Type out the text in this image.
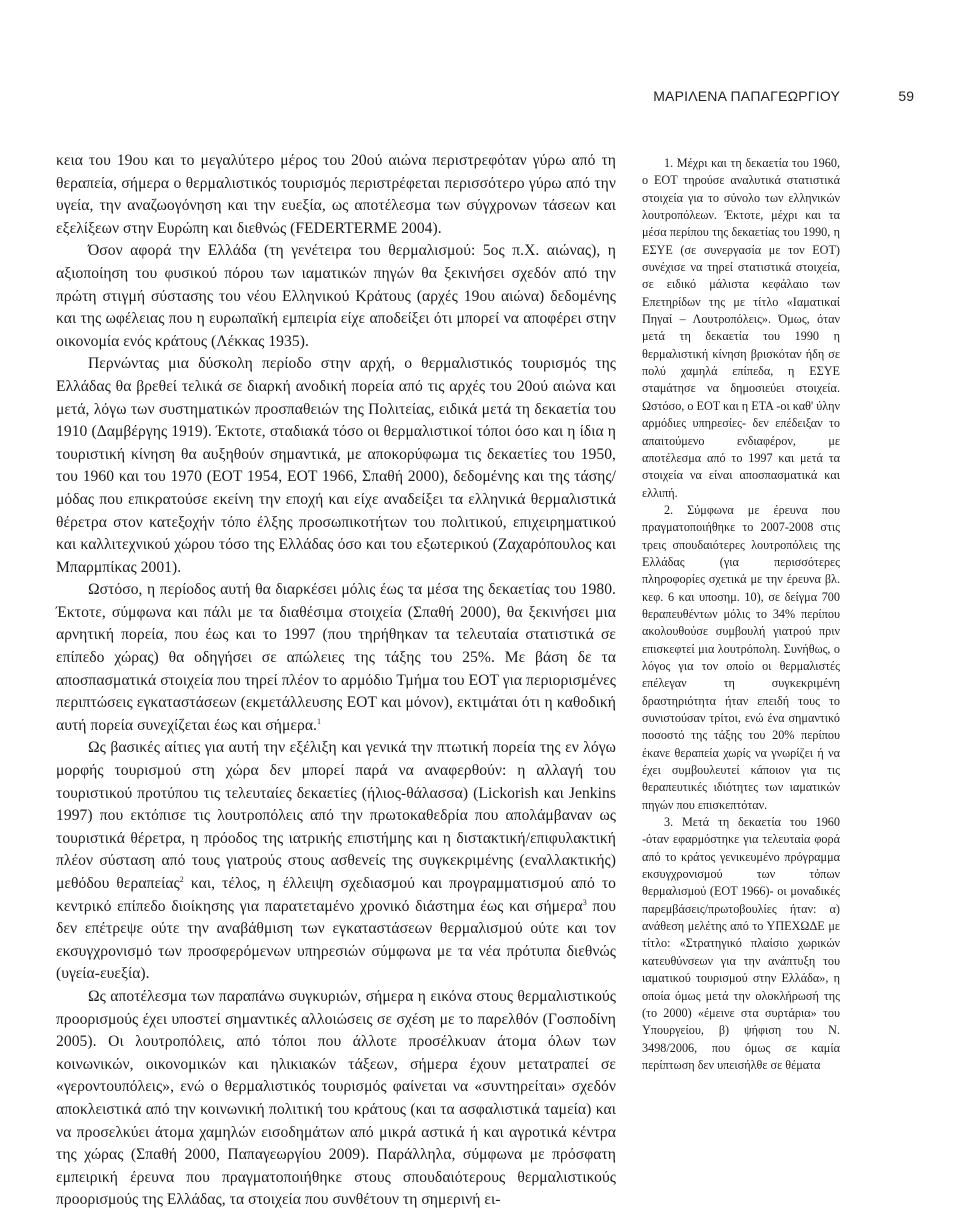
ΜΑΡΙΛΕΝΑ ΠΑΠΑΓΕΩΡΓΙΟΥ	59

κεια του 19ου και το μεγαλύτερο μέρος του 20ού αιώνα περιστρεφόταν γύρω από τη θεραπεία, σήμερα ο θερμαλιστικός τουρισμός περιστρέφεται περισσότερο γύρω από την υγεία, την αναζωογόνηση και την ευεξία, ως αποτέλεσμα των σύγχρονων τάσεων και εξελίξεων στην Ευρώπη και διεθνώς (FEDERTERME 2004).

Όσον αφορά την Ελλάδα (τη γενέτειρα του θερμαλισμού: 5ος π.Χ. αιώνας), η αξιοποίηση του φυσικού πόρου των ιαματικών πηγών θα ξεκινήσει σχεδόν από την πρώτη στιγμή σύστασης του νέου Ελληνικού Κράτους (αρχές 19ου αιώνα) δεδομένης και της ωφέλειας που η ευρωπαϊκή εμπειρία είχε αποδείξει ότι μπορεί να αποφέρει στην οικονομία ενός κράτους (Λέκκας 1935).

Περνώντας μια δύσκολη περίοδο στην αρχή, ο θερμαλιστικός τουρισμός της Ελλάδας θα βρεθεί τελικά σε διαρκή ανοδική πορεία από τις αρχές του 20ού αιώνα και μετά, λόγω των συστηματικών προσπαθειών της Πολιτείας, ειδικά μετά τη δεκαετία του 1910 (Δαμβέργης 1919). Έκτοτε, σταδιακά τόσο οι θερμαλιστικοί τόποι όσο και η ίδια η τουριστική κίνηση θα αυξηθούν σημαντικά, με αποκορύφωμα τις δεκαετίες του 1950, του 1960 και του 1970 (ΕΟΤ 1954, ΕΟΤ 1966, Σπαθή 2000), δεδομένης και της τάσης/μόδας που επικρατούσε εκείνη την εποχή και είχε αναδείξει τα ελληνικά θερμαλιστικά θέρετρα στον κατεξοχήν τόπο έλξης προσωπικοτήτων του πολιτικού, επιχειρηματικού και καλλιτεχνικού χώρου τόσο της Ελλάδας όσο και του εξωτερικού (Ζαχαρόπουλος και Μπαρμπίκας 2001).

Ωστόσο, η περίοδος αυτή θα διαρκέσει μόλις έως τα μέσα της δεκαετίας του 1980. Έκτοτε, σύμφωνα και πάλι με τα διαθέσιμα στοιχεία (Σπαθή 2000), θα ξεκινήσει μια αρνητική πορεία, που έως και το 1997 (που τηρήθηκαν τα τελευταία στατιστικά σε επίπεδο χώρας) θα οδηγήσει σε απώλειες της τάξης του 25%. Με βάση δε τα αποσπασματικά στοιχεία που τηρεί πλέον το αρμόδιο Τμήμα του ΕΟΤ για περιορισμένες περιπτώσεις εγκαταστάσεων (εκμετάλλευσης ΕΟΤ και μόνον), εκτιμάται ότι η καθοδική αυτή πορεία συνεχίζεται έως και σήμερα.$^1$

Ως βασικές αίτιες για αυτή την εξέλιξη και γενικά την πτωτική πορεία της εν λόγω μορφής τουρισμού στη χώρα δεν μπορεί παρά να αναφερθούν: η αλλαγή του τουριστικού προτύπου τις τελευταίες δεκαετίες (ήλιος-θάλασσα) (Lickorish και Jenkins 1997) που εκτόπισε τις λουτροπόλεις από την πρωτοκαθεδρία που απολάμβαναν ως τουριστικά θέρετρα, η πρόοδος της ιατρικής επιστήμης και η διστακτική/επιφυλακτική πλέον σύσταση από τους γιατρούς στους ασθενείς της συγκεκριμένης (εναλλακτικής) μεθόδου θεραπείας$^2$ και, τέλος, η έλλειψη σχεδιασμού και προγραμματισμού από το κεντρικό επίπεδο διοίκησης για παρατεταμένο χρονικό διάστημα έως και σήμερα$^3$ που δεν επέτρεψε ούτε την αναβάθμιση των εγκαταστάσεων θερμαλισμού ούτε και τον εκσυγχρονισμό των προσφερόμενων υπηρεσιών σύμφωνα με τα νέα πρότυπα διεθνώς (υγεία-ευεξία).

Ως αποτέλεσμα των παραπάνω συγκυριών, σήμερα η εικόνα στους θερμαλιστικούς προορισμούς έχει υποστεί σημαντικές αλλοιώσεις σε σχέση με το παρελθόν (Γοσποδίνη 2005). Οι λουτροπόλεις, από τόποι που άλλοτε προσέλκυαν άτομα όλων των κοινωνικών, οικονομικών και ηλικιακών τάξεων, σήμερα έχουν μετατραπεί σε «γεροντουπόλεις», ενώ ο θερμαλιστικός τουρισμός φαίνεται να «συντηρείται» σχεδόν αποκλειστικά από την κοινωνική πολιτική του κράτους (και τα ασφαλιστικά ταμεία) και να προσελκύει άτομα χαμηλών εισοδημάτων από μικρά αστικά ή και αγροτικά κέντρα της χώρας (Σπαθή 2000, Παπαγεωργίου 2009). Παράλληλα, σύμφωνα με πρόσφατη εμπειρική έρευνα που πραγματοποιήθηκε στους σπουδαιότερους θερμαλιστικούς προορισμούς της Ελλάδας, τα στοιχεία που συνθέτουν τη σημερινή ει-

1. Μέχρι και τη δεκαετία του 1960, ο ΕΟΤ τηρούσε αναλυτικά στατιστικά στοιχεία για το σύνολο των ελληνικών λουτροπόλεων. Έκτοτε, μέχρι και τα μέσα περίπου της δεκαετίας του 1990, η ΕΣΥΕ (σε συνεργασία με τον ΕΟΤ) συνέχισε να τηρεί στατιστικά στοιχεία, σε ειδικό μάλιστα κεφάλαιο των Επετηρίδων της με τίτλο «Ιαματικαί Πηγαί – Λουτροπόλεις». Όμως, όταν μετά τη δεκαετία του 1990 η θερμαλιστική κίνηση βρισκόταν ήδη σε πολύ χαμηλά επίπεδα, η ΕΣΥΕ σταμάτησε να δημοσιεύει στοιχεία. Ωστόσο, ο ΕΟΤ και η ΕΤΑ -οι καθ' ύλην αρμόδιες υπηρεσίες- δεν επέδειξαν το απαιτούμενο ενδιαφέρον, με αποτέλεσμα από το 1997 και μετά τα στοιχεία να είναι αποσπασματικά και ελλιπή.

2. Σύμφωνα με έρευνα που πραγματοποιήθηκε το 2007-2008 στις τρεις σπουδαιότερες λουτροπόλεις της Ελλάδας (για περισσότερες πληροφορίες σχετικά με την έρευνα βλ. κεφ. 6 και υποσημ. 10), σε δείγμα 700 θεραπευθέντων μόλις το 34% περίπου ακολουθούσε συμβουλή γιατρού πριν επισκεφτεί μια λουτρόπολη. Συνήθως, ο λόγος για τον οποίο οι θερμαλιστές επέλεγαν τη συγκεκριμένη δραστηριότητα ήταν επειδή τους το συνιστούσαν τρίτοι, ενώ ένα σημαντικό ποσοστό της τάξης του 20% περίπου έκανε θεραπεία χωρίς να γνωρίζει ή να έχει συμβουλευτεί κάποιον για τις θεραπευτικές ιδιότητες των ιαματικών πηγών που επισκεπτόταν.

3. Μετά τη δεκαετία του 1960 -όταν εφαρμόστηκε για τελευταία φορά από το κράτος γενικευμένο πρόγραμμα εκσυγχρονισμού των τόπων θερμαλισμού (ΕΟΤ 1966)- οι μοναδικές παρεμβάσεις/πρωτοβουλίες ήταν: α) ανάθεση μελέτης από το ΥΠΕΧΩΔΕ με τίτλο: «Στρατηγικό πλαίσιο χωρικών κατευθύνσεων για την ανάπτυξη του ιαματικού τουρισμού στην Ελλάδα», η οποία όμως μετά την ολοκλήρωσή της (το 2000) «έμεινε στα συρτάρια» του Υπουργείου, β) ψήφιση του Ν. 3498/2006, που όμως σε καμία περίπτωση δεν υπεισήλθε σε θέματα
